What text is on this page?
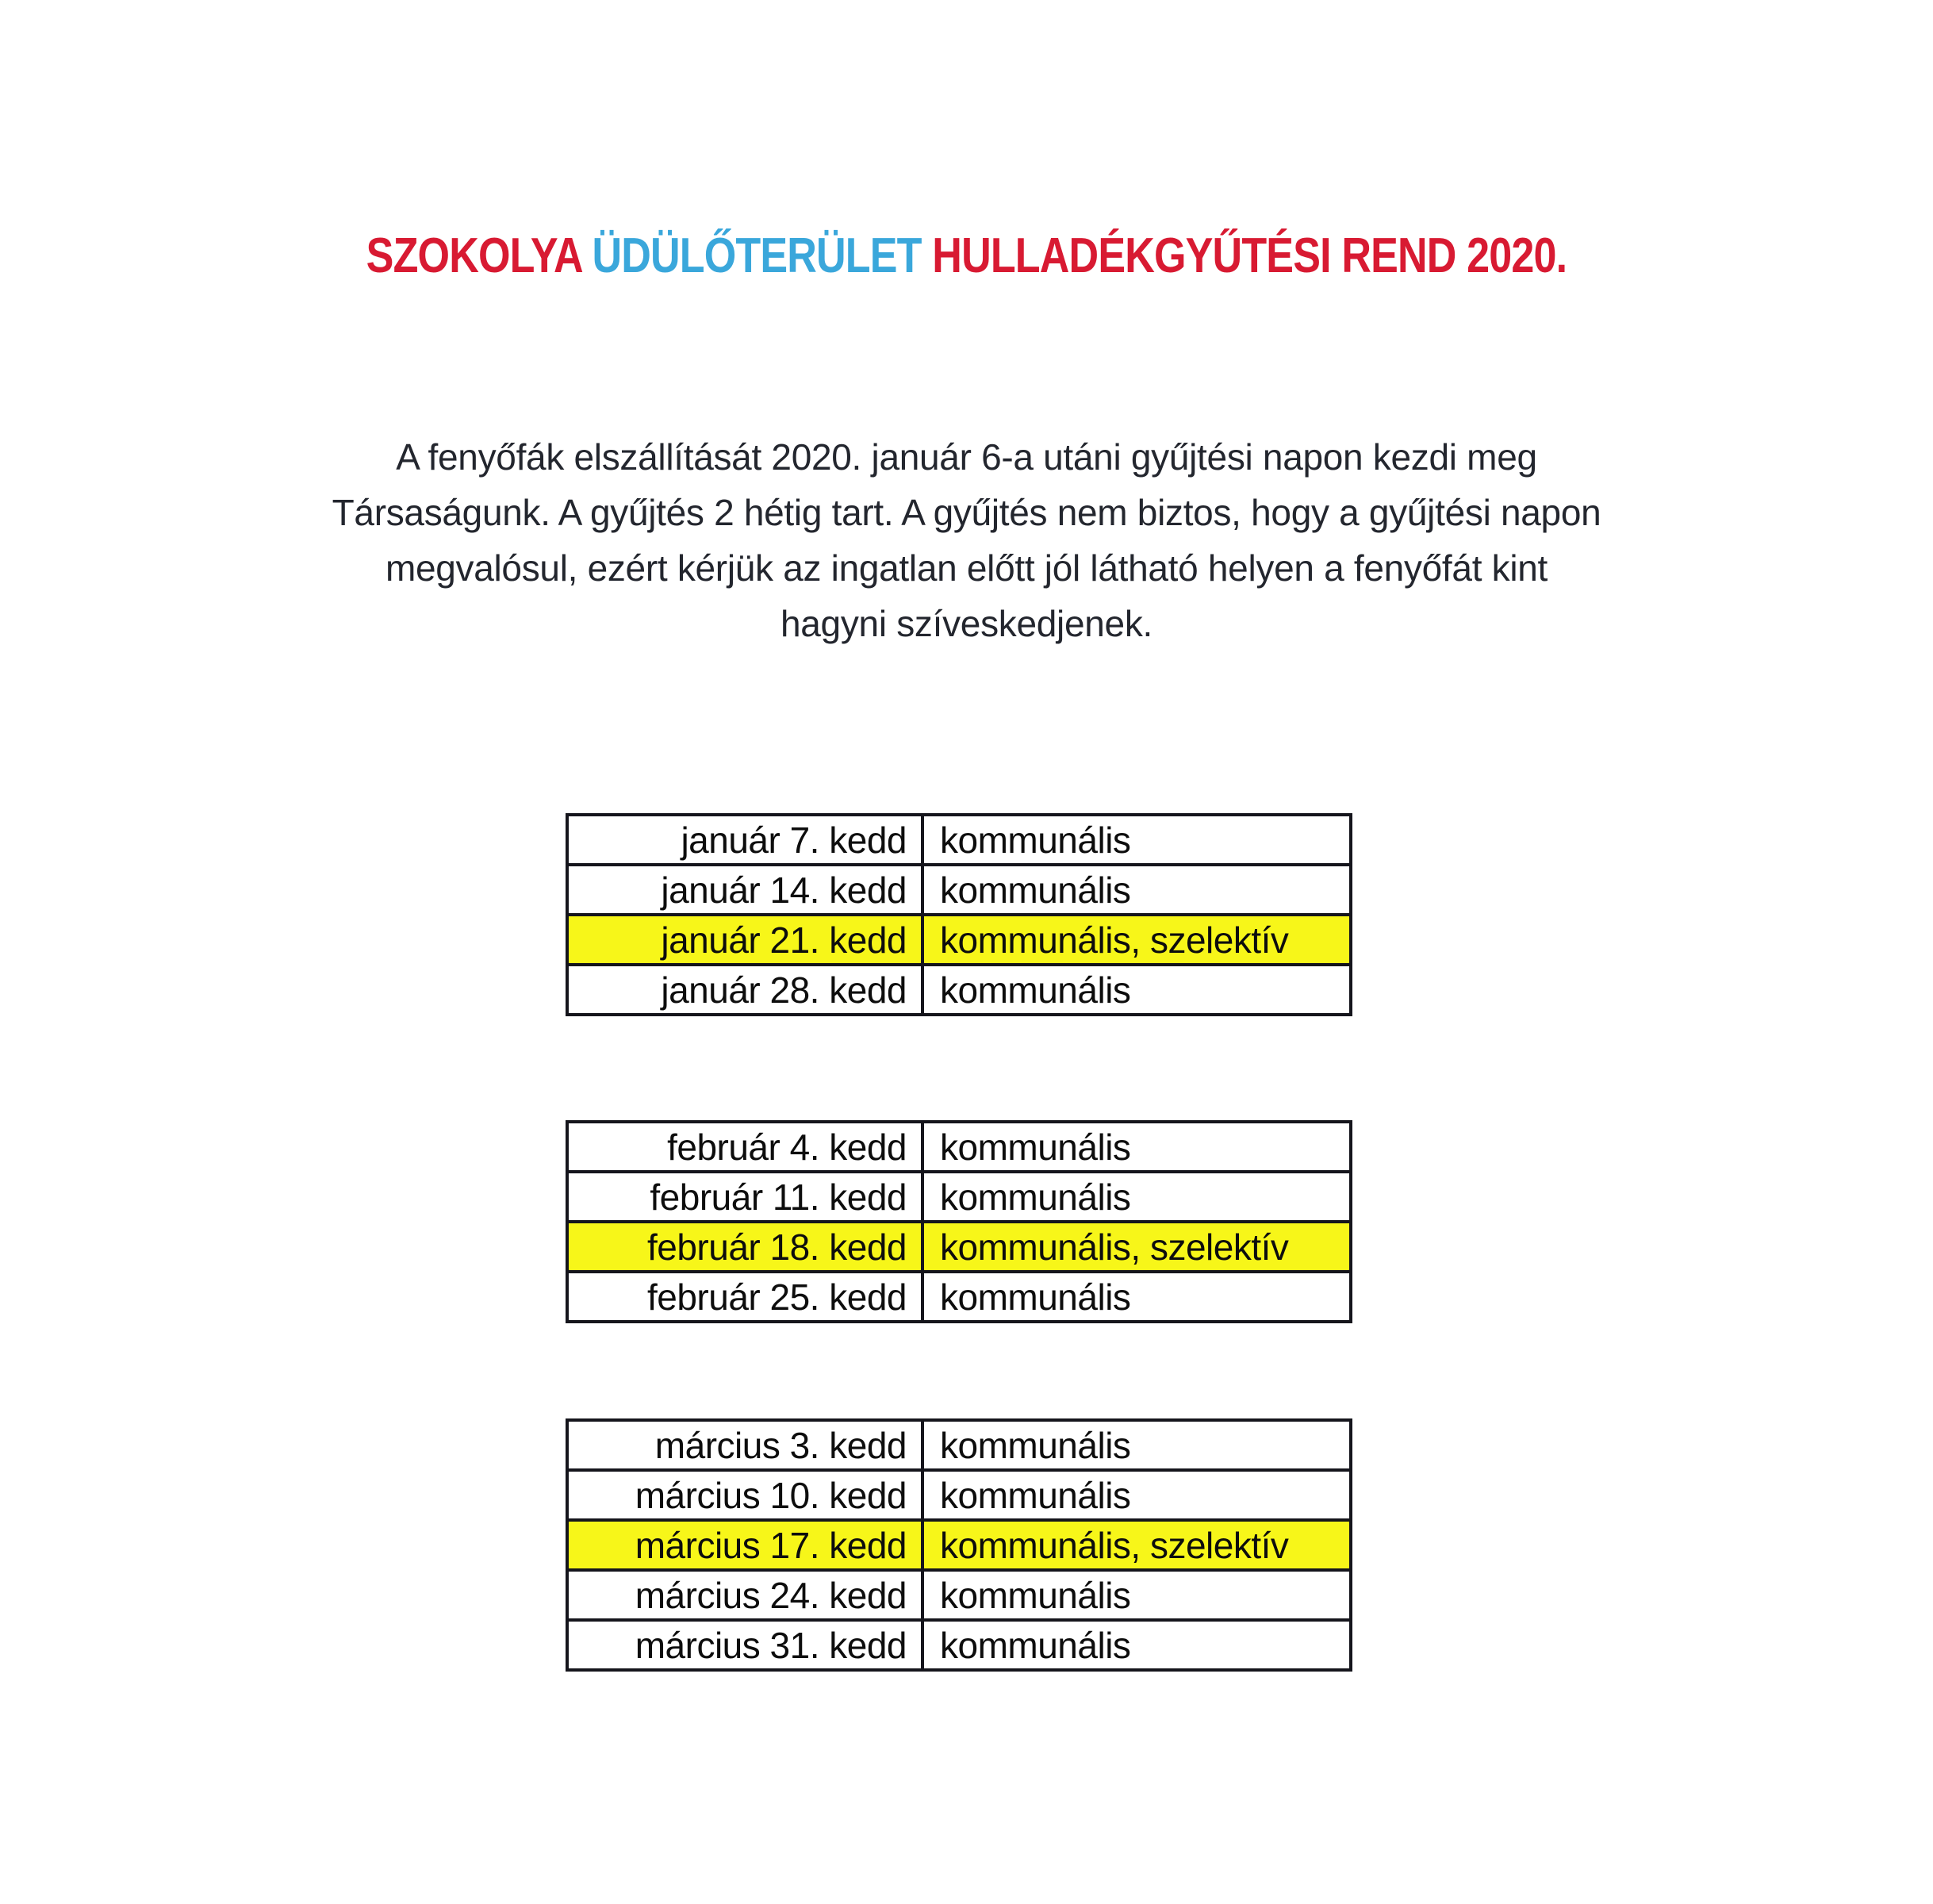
SZOKOLYA ÜDÜLŐTERÜLET HULLADÉKGYŰTÉSI REND 2020.
A fenyőfák elszállítását 2020. január 6-a utáni gyűjtési napon kezdi meg
Társaságunk. A gyűjtés 2 hétig tart. A gyűjtés nem biztos, hogy a gyűjtési napon
megvalósul, ezért kérjük az ingatlan előtt jól látható helyen a fenyőfát kint
hagyni szíveskedjenek.
január 7. kedd	kommunális
január 14. kedd	kommunális
január 21. kedd	kommunális, szelektív
január 28. kedd	kommunális
február 4. kedd	kommunális
február 11. kedd	kommunális
február 18. kedd	kommunális, szelektív
február 25. kedd	kommunális
március 3. kedd	kommunális
március 10. kedd	kommunális
március 17. kedd	kommunális, szelektív
március 24. kedd	kommunális
március 31. kedd	kommunális
